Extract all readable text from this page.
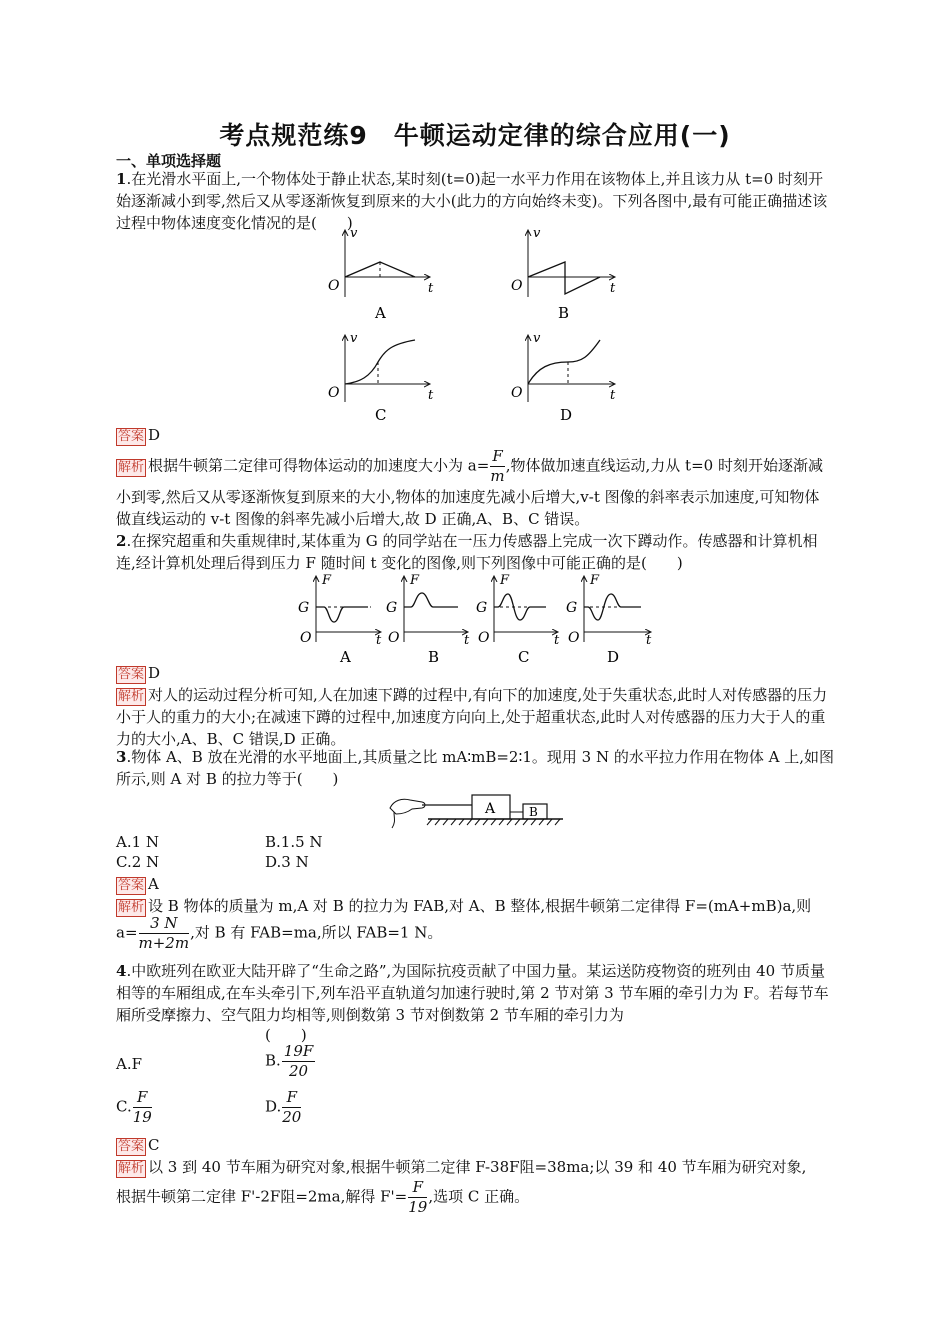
考点规范练9　牛顿运动定律的综合应用(一)
一、单项选择题
1.在光滑水平面上,一个物体处于静止状态,某时刻(t=0)起一水平力作用在该物体上,并且该力从 t=0 时刻开始逐渐减小到零,然后又从零逐渐恢复到原来的大小(此力的方向始终未变)。下列各图中,最有可能正确描述该过程中物体速度变化情况的是(　　)
v
t
O
A
v
t
O
B
v
t
O
C
v
t
O
D
答案 D
解析 根据牛顿第二定律可得物体运动的加速度大小为 $a= \frac{F}{m}$ ,物体做加速直线运动,力从 t=0 时刻开始逐渐减小到零,然后又从零逐渐恢复到原来的大小,物体的加速度先减小后增大,v-t 图像的斜率表示加速度,可知物体做直线运动的 v-t 图像的斜率先减小后增大,故 D 正确,A、B、C 错误。
2.在探究超重和失重规律时,某体重为 G 的同学站在一压力传感器上完成一次下蹲动作。传感器和计算机相连,经计算机处理后得到压力 F 随时间 t 变化的图像,则下列图像中可能正确的是(　　)
F
G
O	t
A
F
G
O	t
B
F
G
O	t
C
F
G
O	t
D
答案 D
解析 对人的运动过程分析可知,人在加速下蹲的过程中,有向下的加速度,处于失重状态,此时人对传感器的压力小于人的重力的大小;在减速下蹲的过程中,加速度方向向上,处于超重状态,此时人对传感器的压力大于人的重力的大小,A、B、C 错误,D 正确。
3.物体 A、B 放在光滑的水平地面上,其质量之比 mA∶mB=2∶1。现用 3 N 的水平拉力作用在物体 A 上,如图所示,则 A 对 B 的拉力等于(　　)
A	B
A.1 N	B.1.5 N
C.2 N	D.3 N
答案 A
解析 设 B 物体的质量为 m,A 对 B 的拉力为 FAB,对 A、B 整体,根据牛顿第二定律得 F=(mA+mB)a,则
$a= \frac{3 N}{m+2m}$ ,对 B 有 FAB=ma,所以 FAB=1 N。
4.中欧班列在欧亚大陆开辟了“生命之路”,为国际抗疫贡献了中国力量。某运送防疫物资的班列由 40 节质量相等的车厢组成,在车头牵引下,列车沿平直轨道匀加速行驶时,第 2 节对第 3 节车厢的牵引力为 F。若每节车厢所受摩擦力、空气阻力均相等,则倒数第 3 节对倒数第 2 节车厢的牵引力为
(　　)
A.F	B. $\frac{19F}{20}$
C. $\frac{F}{19}$	D. $\frac{F}{20}$
答案 C
解析 以 3 到 40 节车厢为研究对象,根据牛顿第二定律 F-38F阻=38ma;以 39 和 40 节车厢为研究对象,
根据牛顿第二定律 F'-2F阻=2ma,解得 $F'= \frac{F}{19}$ ,选项 C 正确。
